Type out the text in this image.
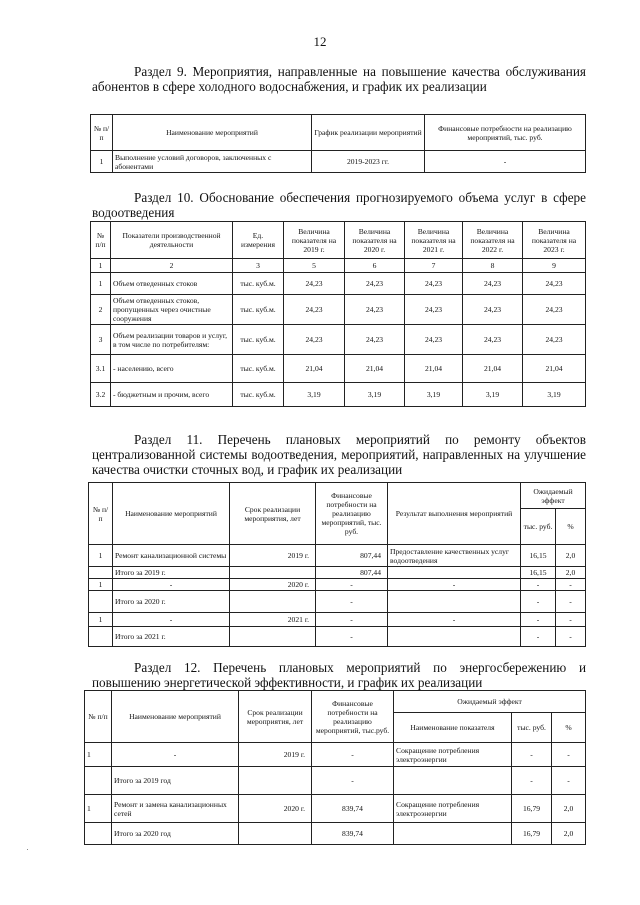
12
Раздел 9. Мероприятия, направленные на повышение качества обслуживания абонентов в сфере холодного водоснабжения, и график их реализации
№ п/п	Наименование мероприятий	График реализации мероприятий	Финансовые потребности на реализацию мероприятий, тыс. руб.
1	Выполнение условий договоров, заключенных с абонентами	2019-2023 гг.	-
Раздел 10. Обоснование обеспечения прогнозируемого объема услуг в сфере водоотведения
№ п/п	Показатели производственной деятельности	Ед. измерения	Величина показателя на 2019 г.	Величина показателя на 2020 г.	Величина показателя на 2021 г.	Величина показателя на 2022 г.	Величина показателя на 2023 г.
1	2	3	5	6	7	8	9
1	Объем отведенных стоков	тыс. куб.м.	24,23	24,23	24,23	24,23	24,23
2	Объем отведенных стоков, пропущенных через очистные сооружения	тыс. куб.м.	24,23	24,23	24,23	24,23	24,23
3	Объем реализации товаров и услуг, в том числе по потребителям:	тыс. куб.м.	24,23	24,23	24,23	24,23	24,23
3.1	- населению, всего	тыс. куб.м.	21,04	21,04	21,04	21,04	21,04
3.2	- бюджетным и прочим, всего	тыс. куб.м.	3,19	3,19	3,19	3,19	3,19
Раздел 11. Перечень плановых мероприятий по ремонту объектов централизованной системы водоотведения, мероприятий, направленных на улучшение качества очистки сточных вод, и график их реализации
№ п/п	Наименование мероприятий	Срок реализации мероприятия, лет	Финансовые потребности на реализацию мероприятий, тыс. руб.	Результат выполнения мероприятий	Ожидаемый эффект	
					тыс. руб.	%
1	Ремонт канализационной системы	2019 г.	807,44	Предоставление качественных услуг водоотведения	16,15	2,0
	Итого за 2019 г.		807,44		16,15	2,0
1	-	2020 г.	-	-	-	-
	Итого за 2020 г.		-		-	-
1	-	2021 г.	-	-	-	-
	Итого за 2021 г.		-		-	-
Раздел 12. Перечень плановых мероприятий по энергосбережению и повышению энергетической эффективности, и график их реализации
№ п/п	Наименование мероприятий	Срок реализации мероприятия, лет	Финансовые потребности на реализацию мероприятий, тыс.руб.	Ожидаемый эффект		
				Наименование показателя	тыс. руб.	%
1	-	2019 г.	-	Сокращение потребления электроэнергии	-	-
	Итого за 2019 год		-		-	-
1	Ремонт и замена канализационных сетей	2020 г.	839,74	Сокращение потребления электроэнергии	16,79	2,0
	Итого за 2020 год		839,74		16,79	2,0
